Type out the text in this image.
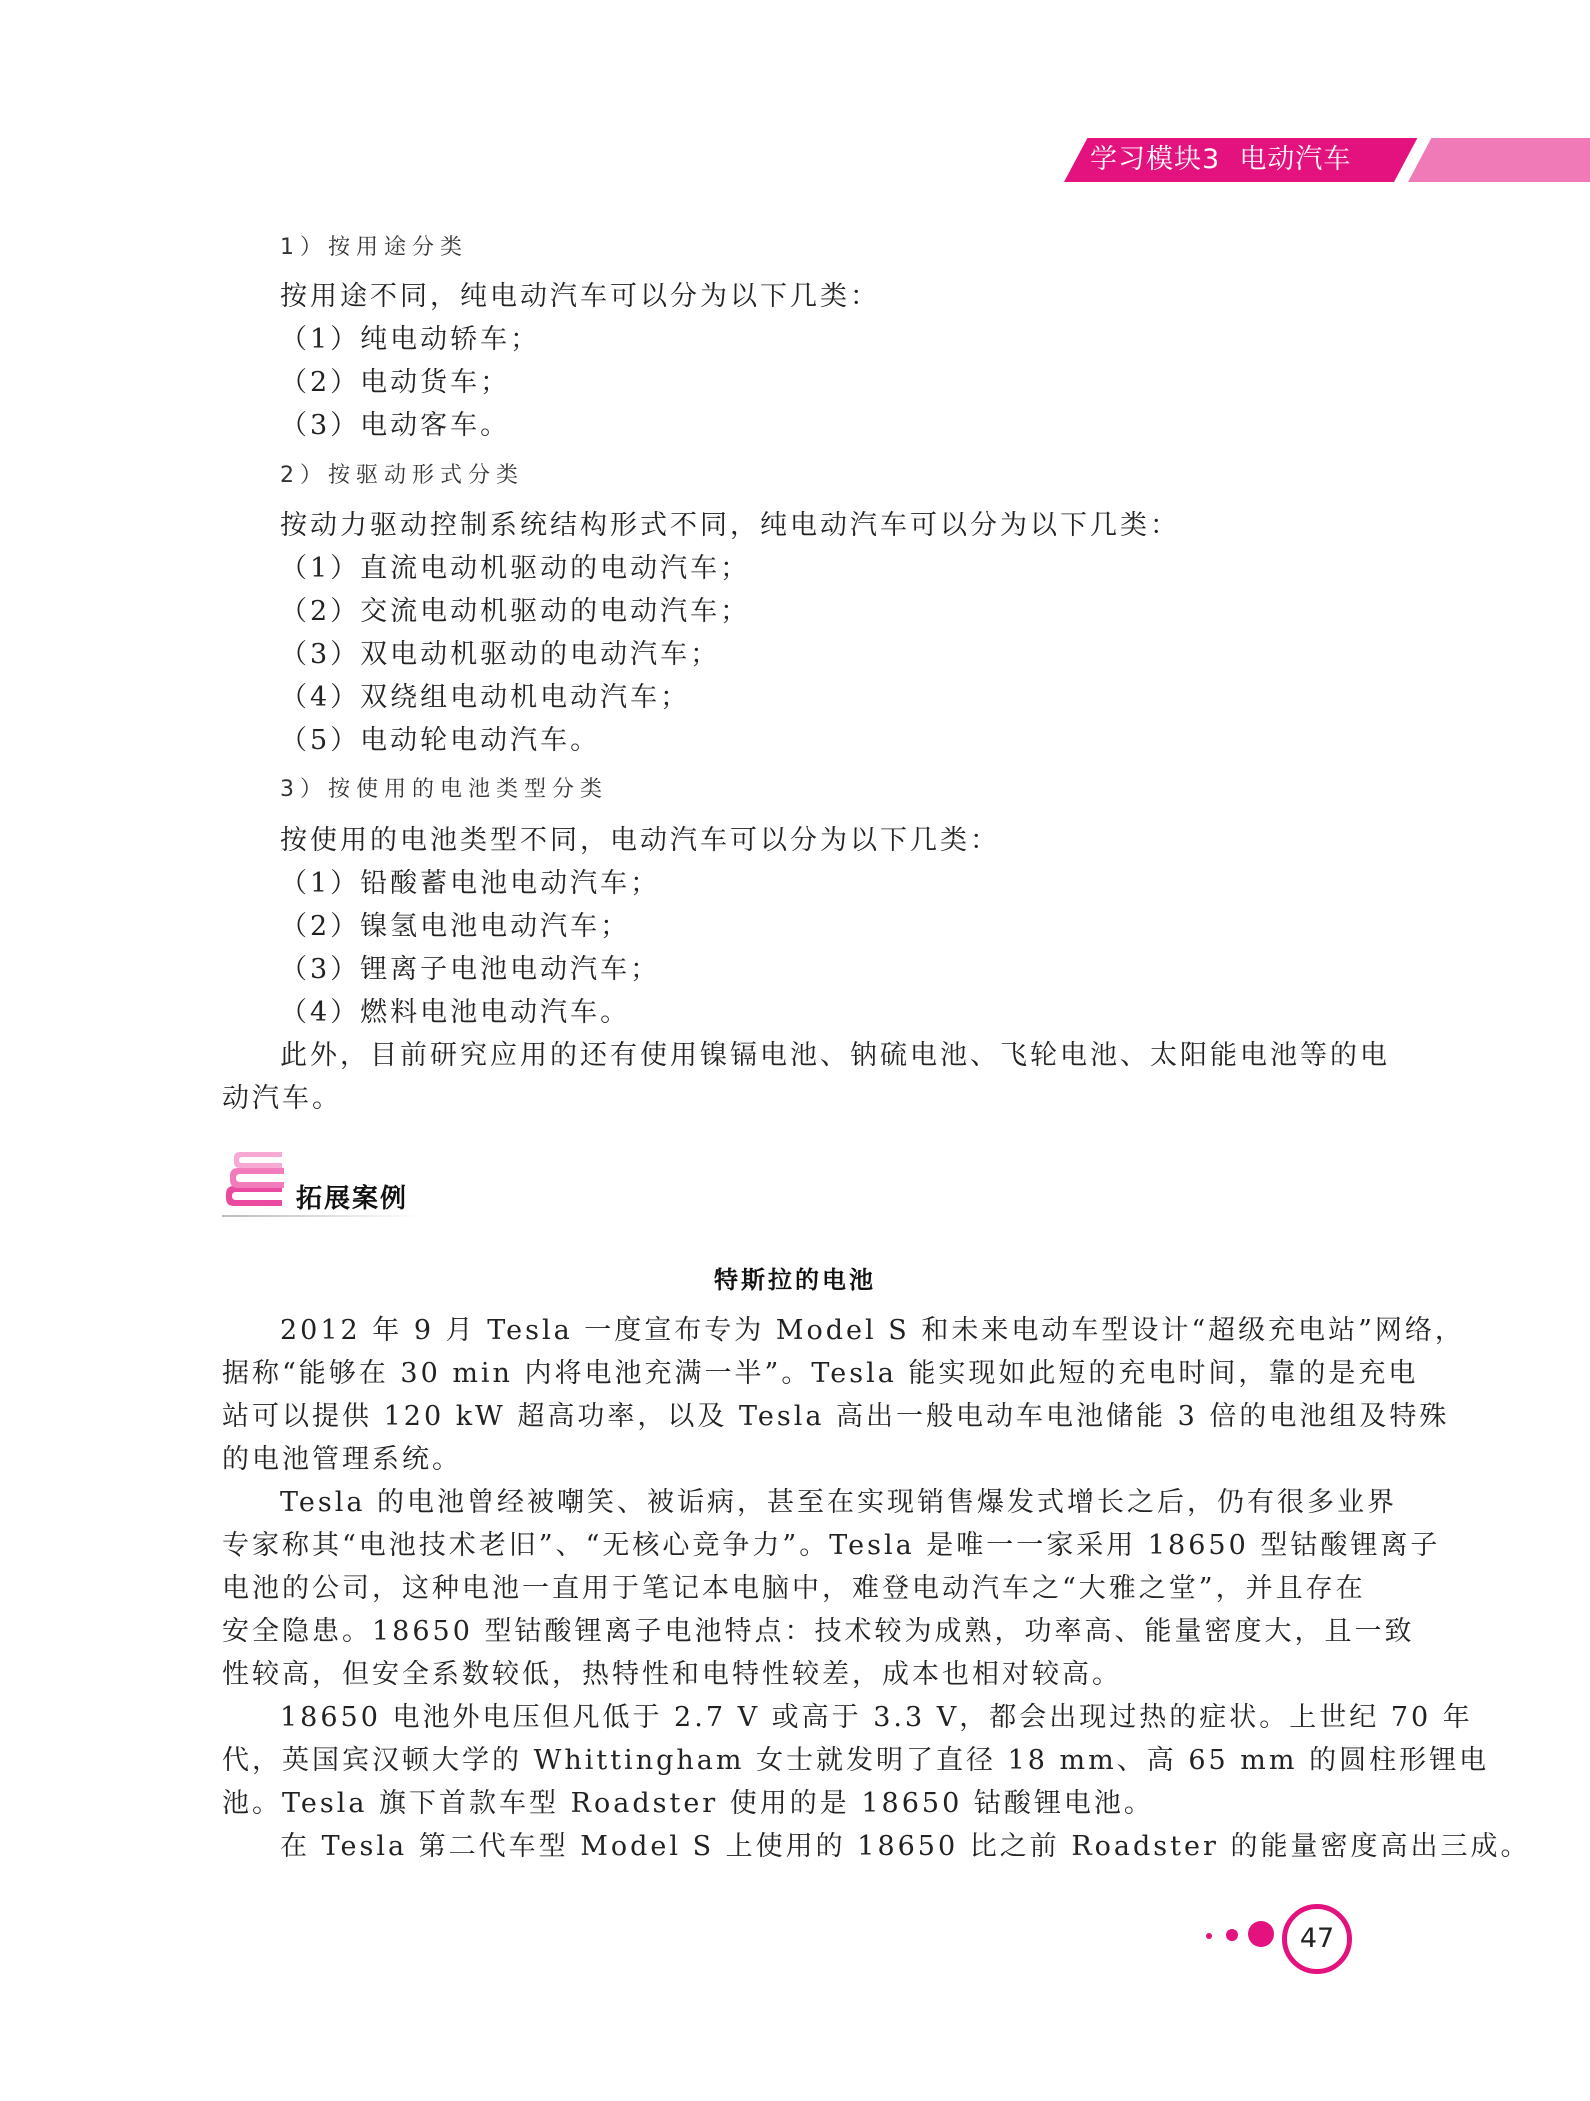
学习模块3  电动汽车
1）按用途分类
按用途不同，纯电动汽车可以分为以下几类：
（1）纯电动轿车；
（2）电动货车；
（3）电动客车。
2）按驱动形式分类
按动力驱动控制系统结构形式不同，纯电动汽车可以分为以下几类：
（1）直流电动机驱动的电动汽车；
（2）交流电动机驱动的电动汽车；
（3）双电动机驱动的电动汽车；
（4）双绕组电动机电动汽车；
（5）电动轮电动汽车。
3）按使用的电池类型分类
按使用的电池类型不同，电动汽车可以分为以下几类：
（1）铅酸蓄电池电动汽车；
（2）镍氢电池电动汽车；
（3）锂离子电池电动汽车；
（4）燃料电池电动汽车。
此外，目前研究应用的还有使用镍镉电池、钠硫电池、飞轮电池、太阳能电池等的电
动汽车。
拓展案例
特斯拉的电池
2012 年 9 月 Tesla 一度宣布专为 Model S 和未来电动车型设计“超级充电站”网络，
据称“能够在 30 min 内将电池充满一半”。Tesla 能实现如此短的充电时间，靠的是充电
站可以提供 120 kW 超高功率，以及 Tesla 高出一般电动车电池储能 3 倍的电池组及特殊
的电池管理系统。
Tesla 的电池曾经被嘲笑、被诟病，甚至在实现销售爆发式增长之后，仍有很多业界
专家称其“电池技术老旧”、“无核心竞争力”。Tesla 是唯一一家采用 18650 型钴酸锂离子
电池的公司，这种电池一直用于笔记本电脑中，难登电动汽车之“大雅之堂”，并且存在
安全隐患。18650 型钴酸锂离子电池特点：技术较为成熟，功率高、能量密度大，且一致
性较高，但安全系数较低，热特性和电特性较差，成本也相对较高。
18650 电池外电压但凡低于 2.7 V 或高于 3.3 V，都会出现过热的症状。上世纪 70 年
代，英国宾汉顿大学的 Whittingham 女士就发明了直径 18 mm、高 65 mm 的圆柱形锂电
池。Tesla 旗下首款车型 Roadster 使用的是 18650 钴酸锂电池。
在 Tesla 第二代车型 Model S 上使用的 18650 比之前 Roadster 的能量密度高出三成。
47
